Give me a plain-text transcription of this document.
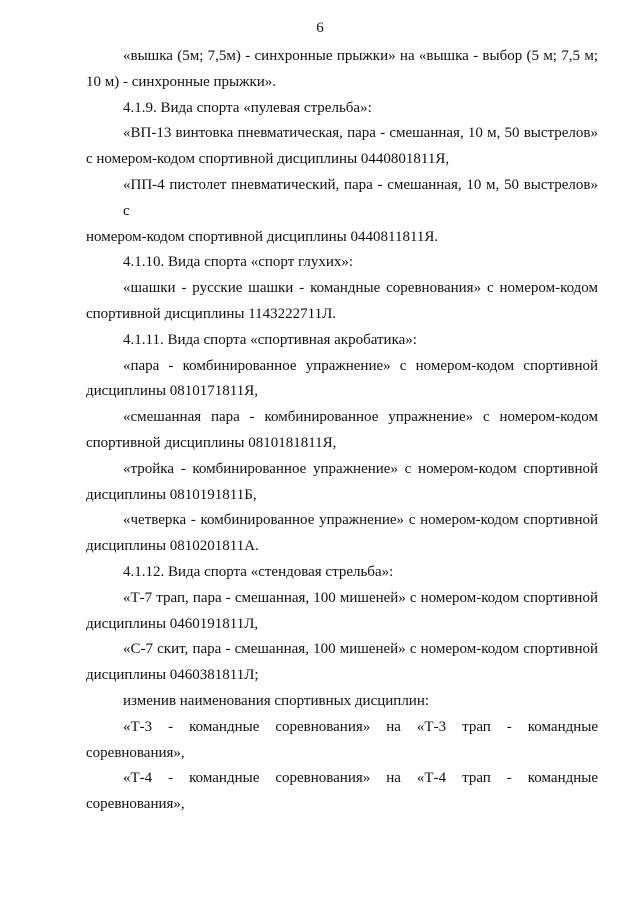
6
«вышка (5м; 7,5м) - синхронные прыжки» на «вышка - выбор (5 м; 7,5 м;
10 м) - синхронные прыжки».
4.1.9. Вида спорта «пулевая стрельба»:
«ВП-13 винтовка пневматическая, пара - смешанная, 10 м, 50 выстрелов»
с номером-кодом спортивной дисциплины 0440801811Я,
«ПП-4 пистолет пневматический, пара - смешанная, 10 м, 50 выстрелов» с
номером-кодом спортивной дисциплины 0440811811Я.
4.1.10. Вида спорта «спорт глухих»:
«шашки - русские шашки - командные соревнования» с номером-кодом
спортивной дисциплины 1143222711Л.
4.1.11. Вида спорта «спортивная акробатика»:
«пара - комбинированное упражнение» с номером-кодом спортивной
дисциплины 0810171811Я,
«смешанная пара - комбинированное упражнение» с номером-кодом
спортивной дисциплины 0810181811Я,
«тройка - комбинированное упражнение» с номером-кодом спортивной
дисциплины 0810191811Б,
«четверка - комбинированное упражнение» с номером-кодом спортивной
дисциплины 0810201811А.
4.1.12. Вида спорта «стендовая стрельба»:
«Т-7 трап, пара - смешанная, 100 мишеней» с номером-кодом спортивной
дисциплины 0460191811Л,
«С-7 скит, пара - смешанная, 100 мишеней» с номером-кодом спортивной
дисциплины 0460381811Л;
изменив наименования спортивных дисциплин:
«Т-3 - командные соревнования» на «Т-3 трап - командные
соревнования»,
«Т-4 - командные соревнования» на «Т-4 трап - командные
соревнования»,
